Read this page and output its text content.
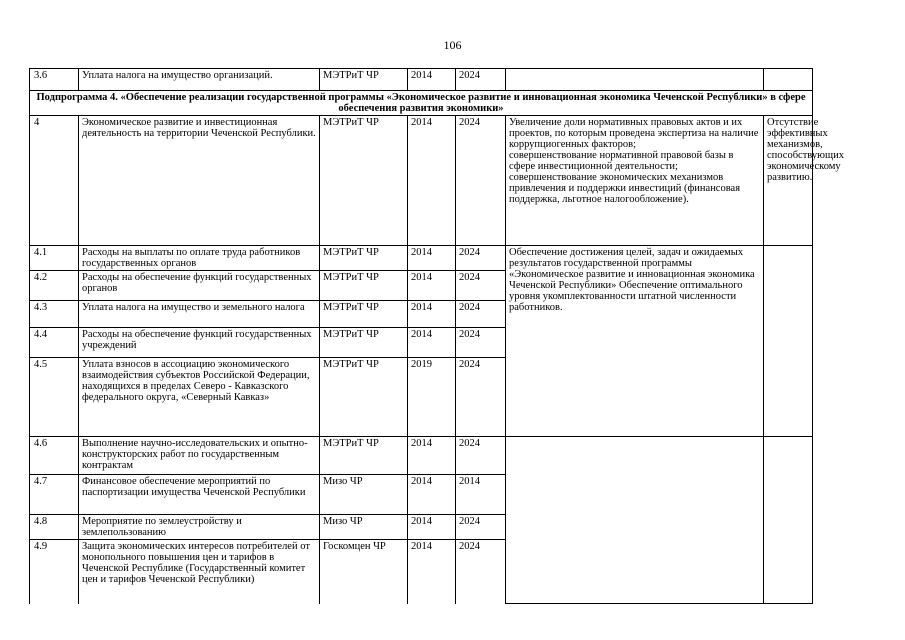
106
3.6	Уплата налога на имущество организаций.	МЭТРиТ ЧР	2014	2024		
Подпрограмма 4. «Обеспечение реализации государственной программы «Экономическое развитие и инновационная экономика Чеченской Республики» в сфере обеспечения развития экономики»						
4	Экономическое развитие и инвестиционная деятельность на территории Чеченской Республики.	МЭТРиТ ЧР	2014	2024	Увеличение доли нормативных правовых актов и их проектов, по которым проведена экспертиза на наличие коррупциогенных факторов;
совершенствование нормативной правовой базы в сфере инвестиционной деятельности;
совершенствование экономических механизмов привлечения и поддержки инвестиций (финансовая поддержка, льготное налогообложение).	Отсутствие эффективных механизмов, способствующих экономическому развитию.
4.1	Расходы на выплаты по оплате труда работников государственных органов	МЭТРиТ ЧР	2014	2024	Обеспечение достижения целей, задач и ожидаемых результатов государственной программы «Экономическое развитие и инновационная экономика Чеченской Республики» Обеспечение оптимального уровня укомплектованности штатной численности работников.	
4.2	Расходы на обеспечение функций государственных органов	МЭТРиТ ЧР	2014	2024		
4.3	Уплата налога на имущество и земельного налога	МЭТРиТ ЧР	2014	2024		
4.4	Расходы на обеспечение функций государственных учреждений	МЭТРиТ ЧР	2014	2024		
4.5	Уплата взносов в ассоциацию экономического взаимодействия субъектов Российской Федерации, находящихся в пределах Северо - Кавказского федерального округа, «Северный Кавказ»	МЭТРиТ ЧР	2019	2024		
4.6	Выполнение научно-исследовательских и опытно-конструкторских работ по государственным контрактам	МЭТРиТ ЧР	2014	2024		
4.7	Финансовое обеспечение мероприятий по паспортизации имущества Чеченской Республики	Мизо ЧР	2014	2014		
4.8	Мероприятие по землеустройству и землепользованию	Мизо ЧР	2014	2024		
4.9	Защита экономических интересов потребителей от монопольного повышения цен и тарифов в Чеченской Республике (Государственный комитет цен и тарифов Чеченской Республики)	Госкомцен ЧР	2014	2024		
